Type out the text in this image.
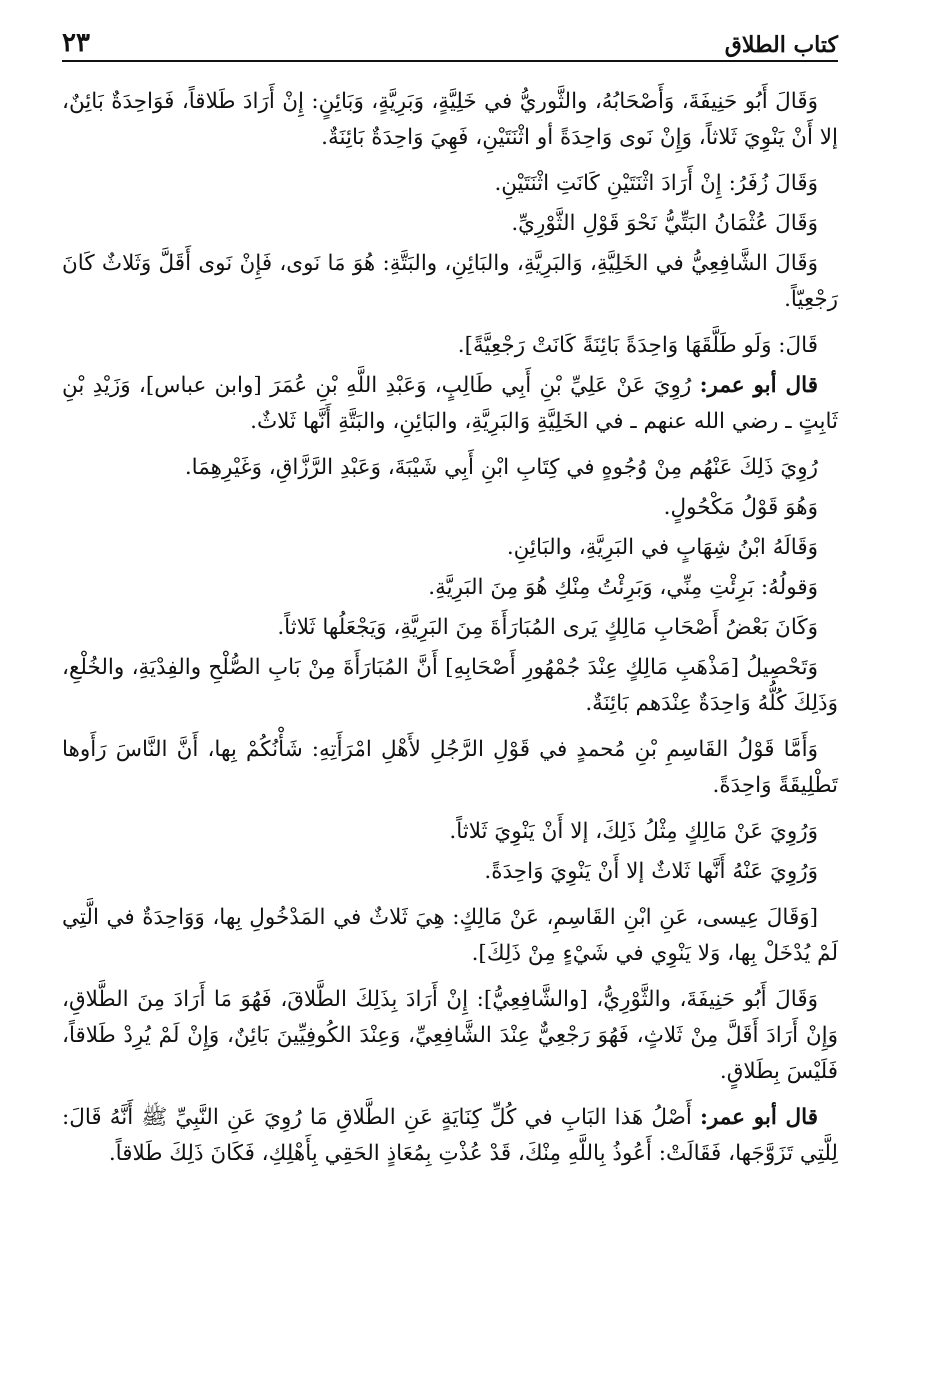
كتاب الطلاق
٢٣

وَقَالَ أَبُو حَنِيفَةَ، وَأَصْحَابُهُ، والثَّوريُّ في خَلِيَّةٍ، وَبَرِيَّةٍ، وَبَائِنٍ: إِنْ أَرَادَ طَلاقاً، فَوَاحِدَةٌ بَائِنٌ، إلا أَنْ يَنْوِيَ ثَلاثاً، وَإِنْ نَوى وَاحِدَةً أو اثْنَتَيْنِ، فَهِيَ وَاحِدَةٌ بَائِنَةٌ.

وَقَالَ زُفَرُ: إِنْ أَرَادَ اثْنَتَيْنِ كَانَتِ اثْنَتَيْنِ.

وَقَالَ عُثْمَانُ البَتِّيُّ نَحْوَ قَوْلِ الثَّوْرِيِّ.

وَقَالَ الشَّافِعِيُّ في الخَلِيَّةِ، وَالبَرِيَّةِ، والبَائِنِ، والبَتَّةِ: هُوَ مَا نَوى، فَإِنْ نَوى أَقَلَّ وَثَلاثٌ كَانَ رَجْعِيّاً.

قَالَ: وَلَو طَلَّقَهَا وَاحِدَةً بَائِنَةً كَانَتْ رَجْعِيَّةً].

قال أبو عمر: رُوِيَ عَنْ عَلِيِّ بْنِ أَبِي طَالِبٍ، وَعَبْدِ اللَّهِ بْنِ عُمَرَ [وابن عباس]، وَزَيْدِ بْنِ ثَابِتٍ ـ رضي الله عنهم ـ في الخَلِيَّةِ وَالبَرِيَّةِ، والبَائِنِ، والبَتَّةِ أَنَّها ثَلاثٌ.

رُوِيَ ذَلِكَ عَنْهُم مِنْ وُجُوهٍ في كِتَابِ ابْنِ أَبِي شَيْبَةَ، وَعَبْدِ الرَّزَّاقِ، وَغَيْرِهِمَا.

وَهُوَ قَوْلُ مَكْحُولٍ.

وَقَالَهُ ابْنُ شِهَابٍ في البَرِيَّةِ، والبَائِنِ.

وَقولُهُ: بَرِئْتِ مِنِّي، وَبَرِئْتُ مِنْكِ هُوَ مِنَ البَرِيَّةِ.

وَكَانَ بَعْضُ أَصْحَابِ مَالِكٍ يَرى المُبَارَأَةَ مِنَ البَرِيَّةِ، وَيَجْعَلُها ثَلاثاً.

وَتَحْصِيلُ [مَذْهَبِ مَالِكٍ عِنْدَ جُمْهُورِ أَصْحَابِهِ] أَنَّ المُبَارَأَةَ مِنْ بَابِ الصُّلْحِ والفِدْيَةِ، والخُلْعِ، وَذَلِكَ كُلُّهُ وَاحِدَةٌ عِنْدَهم بَائِنَةٌ.

وَأَمَّا قَوْلُ القَاسِمِ بْنِ مُحمدٍ في قَوْلِ الرَّجُلِ لأَهْلِ امْرَأَتِهِ: شَأْنُكُمْ بِها، أَنَّ النَّاسَ رَأَوها تَطْلِيقَةً وَاحِدَةً.

وَرُوِيَ عَنْ مَالِكٍ مِثْلُ ذَلِكَ، إلا أَنْ يَنْوِيَ ثَلاثاً.

وَرُوِيَ عَنْهُ أَنَّها ثَلاثٌ إلا أَنْ يَنْوِيَ وَاحِدَةً.

[وَقَالَ عِيسى، عَنِ ابْنِ القَاسِمِ، عَنْ مَالِكٍ: هِيَ ثَلاثٌ في المَدْخُولِ بِها، وَوَاحِدَةٌ في الَّتِي لَمْ يُدْخَلْ بِها، وَلا يَنْوِي في شَيْءٍ مِنْ ذَلِكَ].

وَقَالَ أَبُو حَنِيفَةَ، والثَّوْرِيُّ، [والشَّافِعِيُّ]: إِنْ أَرَادَ بِذَلِكَ الطَّلاقَ، فَهُوَ مَا أَرَادَ مِنَ الطَّلاقِ، وَإِنْ أَرَادَ أَقَلَّ مِنْ ثَلاثٍ، فَهُوَ رَجْعِيٌّ عِنْدَ الشَّافِعِيِّ، وَعِنْدَ الكُوفِيِّينَ بَائِنٌ، وَإِنْ لَمْ يُرِدْ طَلاقاً، فَلَيْسَ بِطَلاقٍ.

قال أبو عمر: أَصْلُ هَذا البَابِ في كُلِّ كِنَايَةٍ عَنِ الطَّلاقِ مَا رُوِيَ عَنِ النَّبِيِّ ﷺ أَنَّهُ قَالَ: لِلَّتِي تَزَوَّجَها، فَقَالَتْ: أَعُوذُ بِاللَّهِ مِنْكَ، قَدْ عُذْتِ بِمُعَاذٍ الحَقِي بِأَهْلِكِ، فَكَانَ ذَلِكَ طَلاقاً.
